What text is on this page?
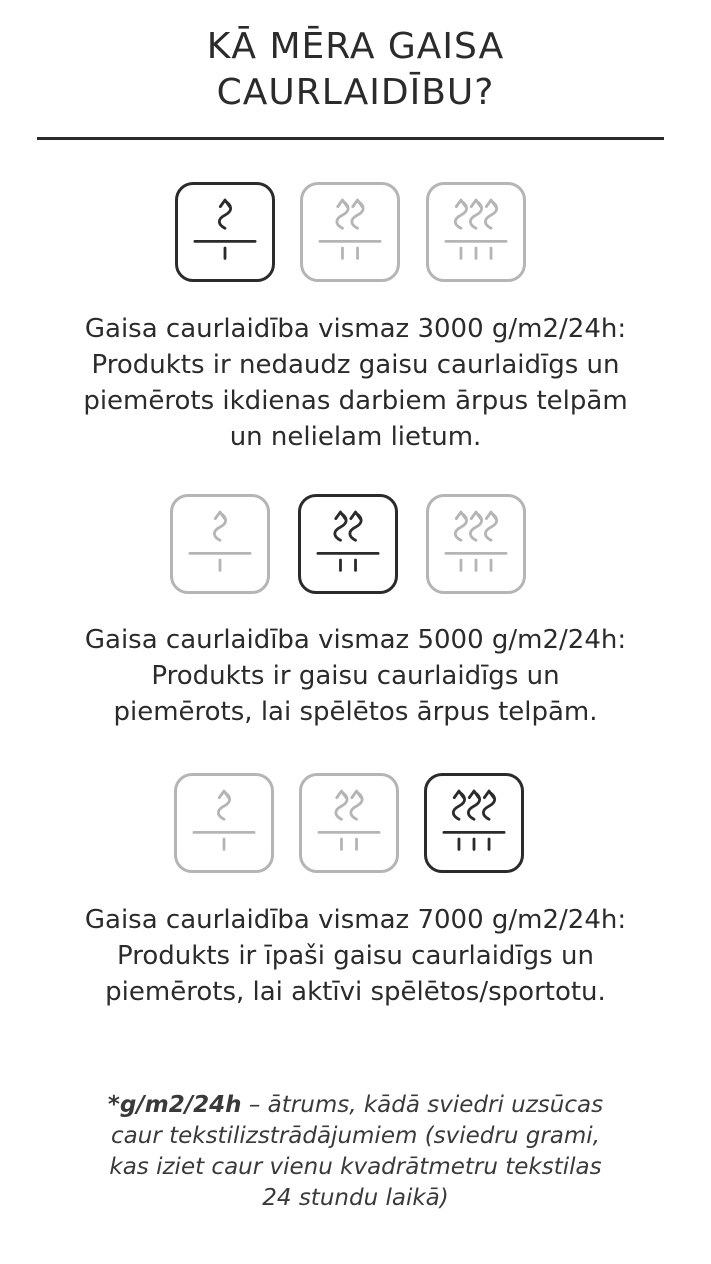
KĀ MĒRA GAISA
CAURLAIDĪBU?

Gaisa caurlaidība vismaz 3000 g/m2/24h:
Produkts ir nedaudz gaisu caurlaidīgs un
piemērots ikdienas darbiem ārpus telpām
un nelielam lietum.

Gaisa caurlaidība vismaz 5000 g/m2/24h:
Produkts ir gaisu caurlaidīgs un
piemērots, lai spēlētos ārpus telpām.

Gaisa caurlaidība vismaz 7000 g/m2/24h:
Produkts ir īpaši gaisu caurlaidīgs un
piemērots, lai aktīvi spēlētos/sportotu.

*g/m2/24h – ātrums, kādā sviedri uzsūcas
caur tekstilizstrādājumiem (sviedru grami,
kas iziet caur vienu kvadrātmetru tekstilas
24 stundu laikā)
